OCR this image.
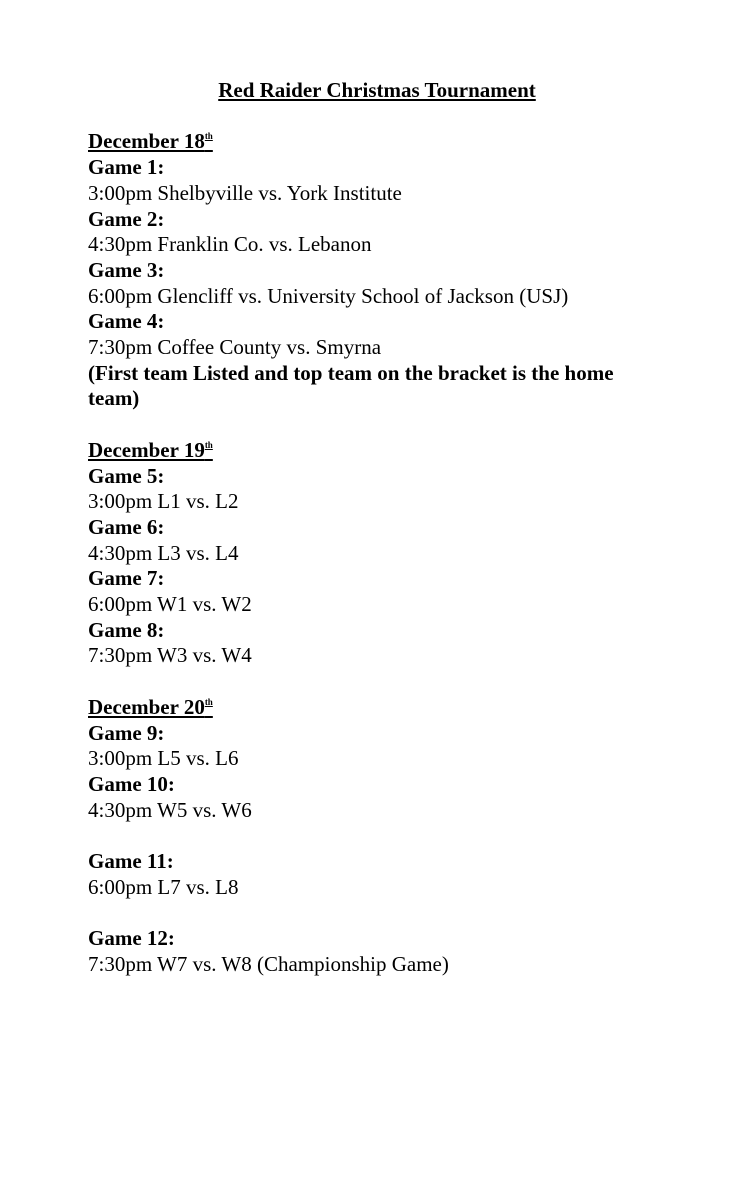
Red Raider Christmas Tournament

December 18th

Game 1:

3:00pm Shelbyville vs. York Institute

Game 2:

4:30pm Franklin Co. vs. Lebanon

Game 3:

6:00pm Glencliff vs. University School of Jackson (USJ)

Game 4:

7:30pm Coffee County vs. Smyrna

(First team Listed and top team on the bracket is the home

team)

December 19th

Game 5:

3:00pm L1 vs. L2

Game 6:

4:30pm L3 vs. L4

Game 7:

6:00pm W1 vs. W2

Game 8:

7:30pm W3 vs. W4

December 20th

Game 9:

3:00pm L5 vs. L6

Game 10:

4:30pm W5 vs. W6

Game 11:

6:00pm L7 vs. L8

Game 12:

7:30pm W7 vs. W8 (Championship Game)
